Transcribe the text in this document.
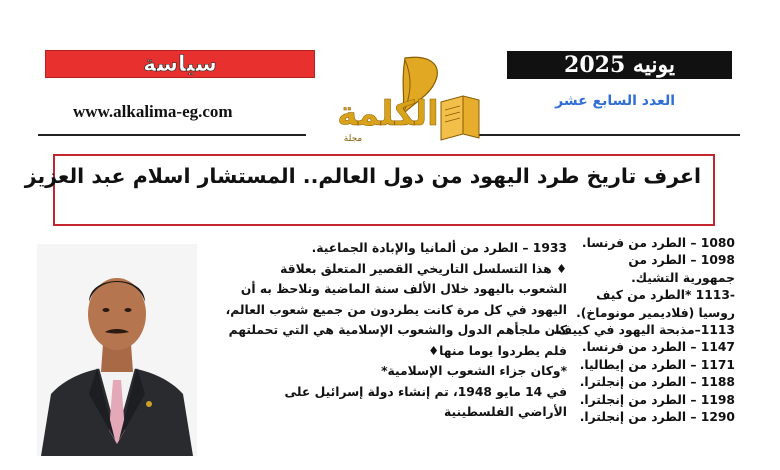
سياسة	يونيه 2025
www.alkalima-eg.com
العدد السابع عشر
الكلمة
مجلة
اعرف تاريخ طرد اليهود من دول العالم.. المستشار اسلام عبد العزيز

1933 – الطرد من ألمانيا والإبادة الجماعية.

♦ هذا التسلسل التاريخي القصير المتعلق بعلاقة

الشعوب باليهود خلال الألف سنة الماضية ونلاحظ به أن

اليهود في كل مرة كانت يطردون من جميع شعوب العالم،

كان ملجأهم الدول والشعوب الإسلامية هي التي تحملتهم

فلم يطردوا يوما منها♦

*وكان جزاء الشعوب الإسلامية*

في 14 مايو 1948، تم إنشاء دولة إسرائيل على

الأراضي الفلسطينية

1080 – الطرد من فرنسا.

1098 – الطرد من

جمهورية التشيك.

-1113 *الطرد من كيف

روسيا (فلاديمير مونوماخ).

1113–مذبحة اليهود في كييف.

1147 – الطرد من فرنسا.

1171 – الطرد من إيطاليا.

1188 – الطرد من إنجلترا.

1198 – الطرد من إنجلترا.

1290 – الطرد من إنجلترا.
